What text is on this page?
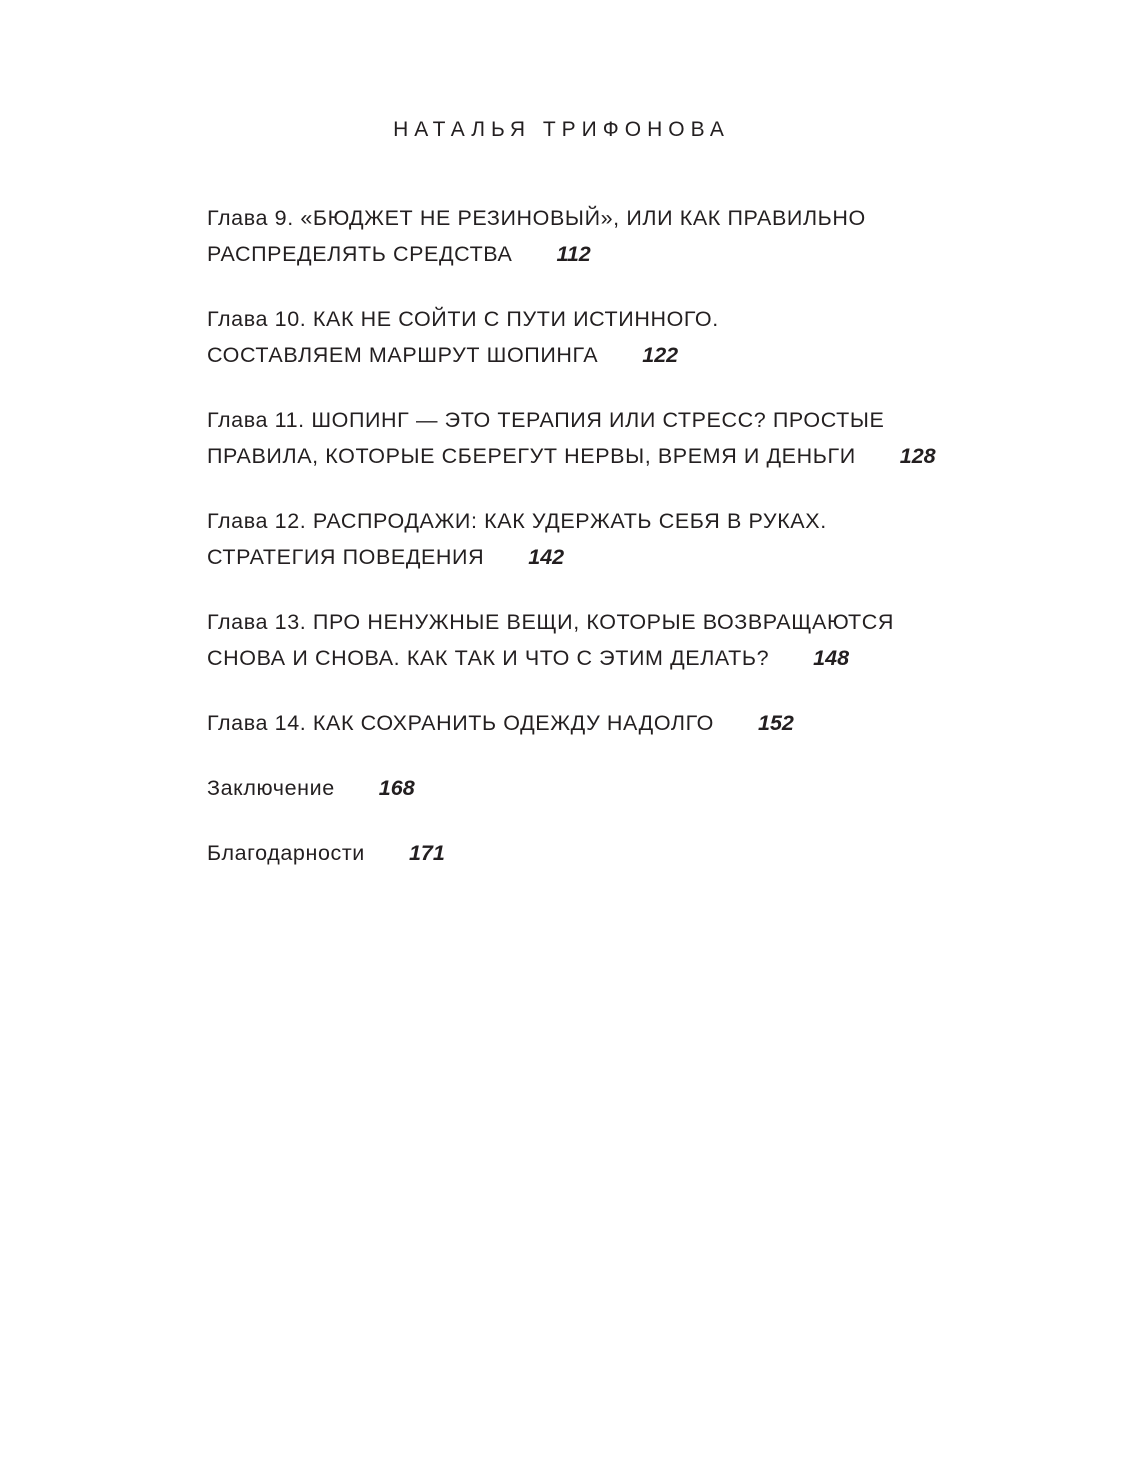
НАТАЛЬЯ ТРИФОНОВА
Глава 9. «БЮДЖЕТ НЕ РЕЗИНОВЫЙ», ИЛИ КАК ПРАВИЛЬНО
РАСПРЕДЕЛЯТЬ СРЕДСТВА 112
Глава 10. КАК НЕ СОЙТИ С ПУТИ ИСТИННОГО.
СОСТАВЛЯЕМ МАРШРУТ ШОПИНГА 122
Глава 11. ШОПИНГ — ЭТО ТЕРАПИЯ ИЛИ СТРЕСС? ПРОСТЫЕ
ПРАВИЛА, КОТОРЫЕ СБЕРЕГУТ НЕРВЫ, ВРЕМЯ И ДЕНЬГИ 128
Глава 12. РАСПРОДАЖИ: КАК УДЕРЖАТЬ СЕБЯ В РУКАХ.
СТРАТЕГИЯ ПОВЕДЕНИЯ 142
Глава 13. ПРО НЕНУЖНЫЕ ВЕЩИ, КОТОРЫЕ ВОЗВРАЩАЮТСЯ
СНОВА И СНОВА. КАК ТАК И ЧТО С ЭТИМ ДЕЛАТЬ? 148
Глава 14. КАК СОХРАНИТЬ ОДЕЖДУ НАДОЛГО 152
Заключение 168
Благодарности 171
